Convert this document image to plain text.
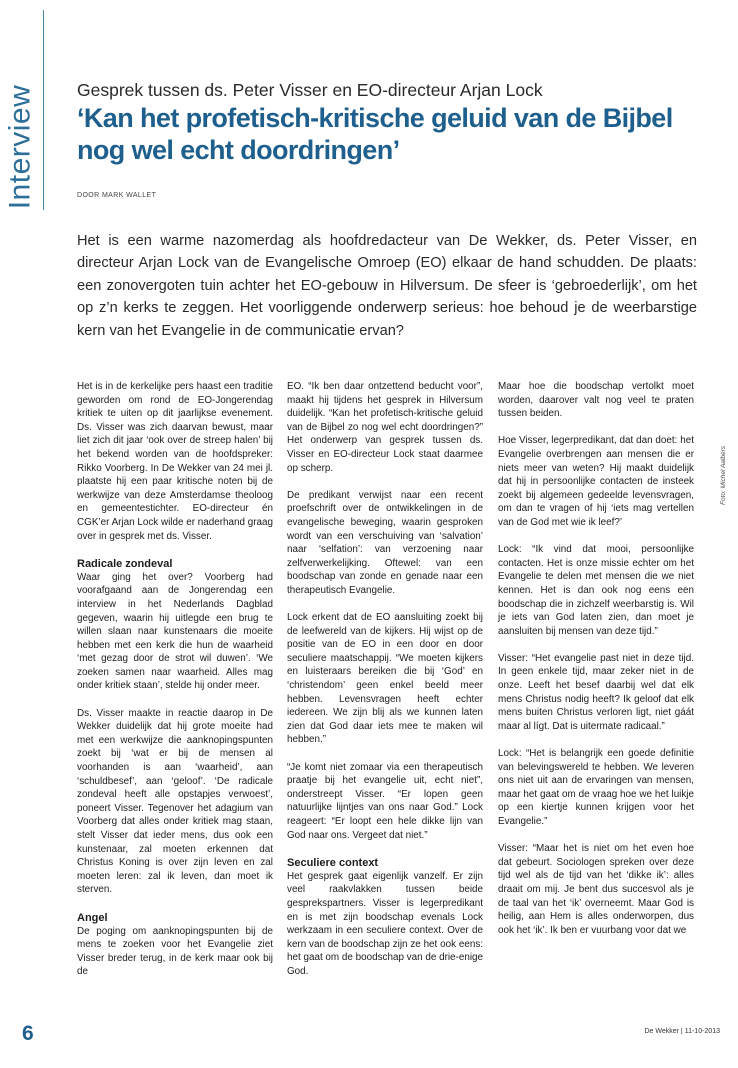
Interview Gesprek tussen ds. Peter Visser en EO-directeur Arjan Lock
‘Kan het profetisch-kritische geluid van de Bijbel nog wel echt doordringen’
DOOR MARK WALLET

Het is een warme nazomerdag als hoofdredacteur van De Wekker, ds. Peter Visser, en directeur Arjan Lock van de Evangelische Omroep (EO) elkaar de hand schudden. De plaats: een zonovergoten tuin achter het EO-gebouw in Hilversum. De sfeer is ‘gebroederlijk’, om het op z’n kerks te zeggen. Het voorliggende onderwerp serieus: hoe behoud je de weerbarstige kern van het Evangelie in de communicatie ervan?

Het is in de kerkelijke pers haast een traditie geworden om rond de EO-Jongerendag kritiek te uiten op dit jaarlijkse evenement. Ds. Visser was zich daarvan bewust, maar liet zich dit jaar ‘ook over de streep halen’ bij het bekend worden van de hoofdspreker: Rikko Voorberg. In De Wekker van 24 mei jl. plaatste hij een paar kritische noten bij de werkwijze van deze Amsterdamse theoloog en gemeentestichter. EO-directeur én CGK’er Arjan Lock wilde er naderhand graag over in gesprek met ds. Visser.

Radicale zondeval

Waar ging het over? Voorberg had voorafgaand aan de Jongerendag een interview in het Nederlands Dagblad gegeven, waarin hij uitlegde een brug te willen slaan naar kunstenaars die moeite hebben met een kerk die hun de waarheid ‘met gezag door de strot wil duwen’. ‘We zoeken samen naar waarheid. Alles mag onder kritiek staan’, stelde hij onder meer.

Ds. Visser maakte in reactie daarop in De Wekker duidelijk dat hij grote moeite had met een werkwijze die aanknopingspunten zoekt bij ‘wat er bij de mensen al voorhanden is aan ‘waarheid’, aan ‘schuldbesef’, aan ‘geloof’. ‘De radicale zondeval heeft alle opstapjes verwoest’, poneert Visser. Tegenover het adagium van Voorberg dat alles onder kritiek mag staan, stelt Visser dat ieder mens, dus ook een kunstenaar, zal moeten erkennen dat Christus Koning is over zijn leven en zal moeten leren: zal ik leven, dan moet ik sterven.

Angel

De poging om aanknopingspunten bij de mens te zoeken voor het Evangelie ziet Visser breder terug, in de kerk maar ook bij de

EO. “Ik ben daar ontzettend beducht voor”, maakt hij tijdens het gesprek in Hilversum duidelijk. “Kan het profetisch-kritische geluid van de Bijbel zo nog wel echt doordringen?” Het onderwerp van gesprek tussen ds. Visser en EO-directeur Lock staat daarmee op scherp.

De predikant verwijst naar een recent proefschrift over de ontwikkelingen in de evangelische beweging, waarin gesproken wordt van een verschuiving van ‘salvation’ naar ‘selfation’: van verzoening naar zelfverwerkelijking. Oftewel: van een boodschap van zonde en genade naar een therapeutisch Evangelie.

Lock erkent dat de EO aansluiting zoekt bij de leefwereld van de kijkers. Hij wijst op de positie van de EO in een door en door seculiere maatschappij. “We moeten kijkers en luisteraars bereiken die bij ‘God’ en ‘christendom’ geen enkel beeld meer hebben. Levensvragen heeft echter iedereen. We zijn blij als we kunnen laten zien dat God daar iets mee te maken wil hebben.”

“Je komt niet zomaar via een therapeutisch praatje bij het evangelie uit, echt niet”, onderstreept Visser. “Er lopen geen natuurlijke lijntjes van ons naar God.” Lock reageert: “Er loopt een hele dikke lijn van God naar ons. Vergeet dat niet.”

Seculiere context

Het gesprek gaat eigenlijk vanzelf. Er zijn veel raakvlakken tussen beide gesprekspartners. Visser is legerpredikant en is met zijn boodschap evenals Lock werkzaam in een seculiere context. Over de kern van de boodschap zijn ze het ook eens: het gaat om de boodschap van de drie-enige God.

Maar hoe die boodschap vertolkt moet worden, daarover valt nog veel te praten tussen beiden.

Hoe Visser, legerpredikant, dat dan doet: het Evangelie overbrengen aan mensen die er niets meer van weten? Hij maakt duidelijk dat hij in persoonlijke contacten de insteek zoekt bij algemeen gedeelde levensvragen, om dan te vragen of hij ‘iets mag vertellen van de God met wie ik leef?’

Lock: “Ik vind dat mooi, persoonlijke contacten. Het is onze missie echter om het Evangelie te delen met mensen die we niet kennen. Het is dan ook nog eens een boodschap die in zichzelf weerbarstig is. Wil je iets van God laten zien, dan moet je aansluiten bij mensen van deze tijd.”

Visser: “Het evangelie past niet in deze tijd. In geen enkele tijd, maar zeker niet in de onze. Leeft het besef daarbij wel dat elk mens Christus nodig heeft? Ik geloof dat elk mens buiten Christus verloren ligt, niet gáát maar al lígt. Dat is uitermate radicaal.”

Lock: “Het is belangrijk een goede definitie van belevingswereld te hebben. We leveren ons niet uit aan de ervaringen van mensen, maar het gaat om de vraag hoe we het luikje op een kiertje kunnen krijgen voor het Evangelie.”

Visser: “Maar het is niet om het even hoe dat gebeurt. Sociologen spreken over deze tijd wel als de tijd van het ‘dikke ik’: alles draait om mij. Je bent dus succesvol als je de taal van het ‘ik’ overneemt. Maar God is heilig, aan Hem is alles onderworpen, dus ook het ‘ik’. Ik ben er vuurbang voor dat we

Foto: Michel Aalbers
6	De Wekker | 11-10-2013
